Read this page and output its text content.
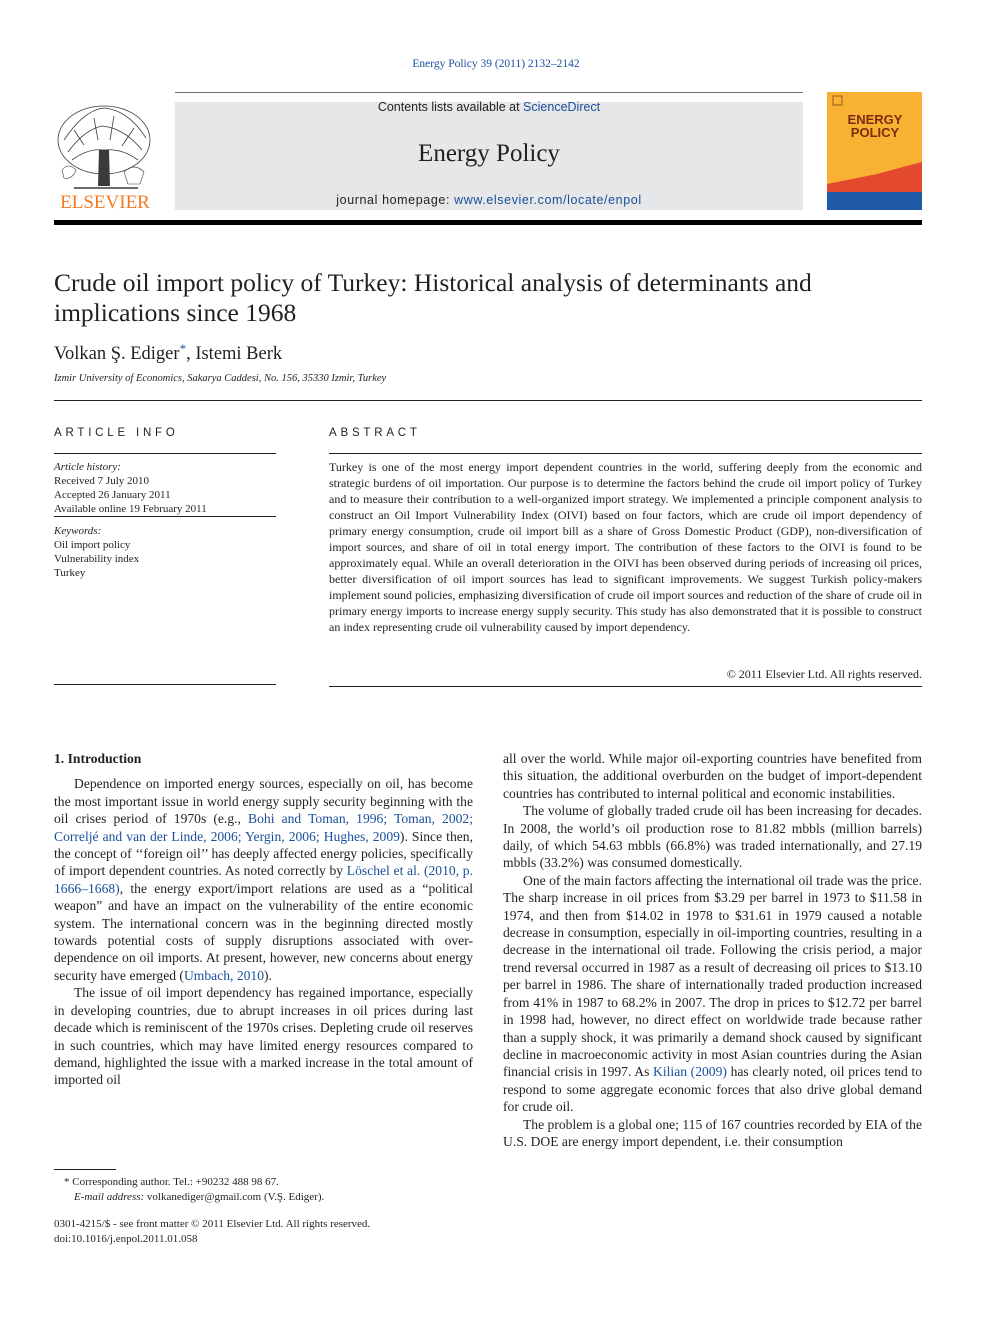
Energy Policy 39 (2011) 2132–2142
ELSEVIER
Contents lists available at ScienceDirect
Energy Policy
journal homepage: www.elsevier.com/locate/enpol
ENERGY
POLICY
Crude oil import policy of Turkey: Historical analysis of determinants and implications since 1968
Volkan Ş. Ediger*, Istemi Berk
Izmir University of Economics, Sakarya Caddesi, No. 156, 35330 Izmir, Turkey
ARTICLE INFO
Article history:
Received 7 July 2010
Accepted 26 January 2011
Available online 19 February 2011
Keywords:
Oil import policy
Vulnerability index
Turkey
ABSTRACT
Turkey is one of the most energy import dependent countries in the world, suffering deeply from the economic and strategic burdens of oil importation. Our purpose is to determine the factors behind the crude oil import policy of Turkey and to measure their contribution to a well-organized import strategy. We implemented a principle component analysis to construct an Oil Import Vulnerability Index (OIVI) based on four factors, which are crude oil import dependency of primary energy consumption, crude oil import bill as a share of Gross Domestic Product (GDP), non-diversification of import sources, and share of oil in total energy import. The contribution of these factors to the OIVI is found to be approximately equal. While an overall deterioration in the OIVI has been observed during periods of increasing oil prices, better diversification of oil import sources has lead to significant improvements. We suggest Turkish policy-makers implement sound policies, emphasizing diversification of crude oil import sources and reduction of the share of crude oil in primary energy imports to increase energy supply security. This study has also demonstrated that it is possible to construct an index representing crude oil vulnerability caused by import dependency.
© 2011 Elsevier Ltd. All rights reserved.
1. Introduction

Dependence on imported energy sources, especially on oil, has become the most important issue in world energy supply security beginning with the oil crises period of 1970s (e.g., Bohi and Toman, 1996; Toman, 2002; Correljé and van der Linde, 2006; Yergin, 2006; Hughes, 2009). Since then, the concept of ‘‘foreign oil’’ has deeply affected energy policies, specifically of import dependent countries. As noted correctly by Löschel et al. (2010, p. 1666–1668), the energy export/import relations are used as a “political weapon” and have an impact on the vulnerability of the entire economic system. The international concern was in the beginning directed mostly towards potential costs of supply disruptions associated with over-dependence on oil imports. At present, however, new concerns about energy security have emerged (Umbach, 2010).

The issue of oil import dependency has regained importance, especially in developing countries, due to abrupt increases in oil prices during last decade which is reminiscent of the 1970s crises. Depleting crude oil reserves in such countries, which may have limited energy resources compared to demand, highlighted the issue with a marked increase in the total amount of imported oil

all over the world. While major oil-exporting countries have benefited from this situation, the additional overburden on the budget of import-dependent countries has contributed to internal political and economic instabilities.

The volume of globally traded crude oil has been increasing for decades. In 2008, the world’s oil production rose to 81.82 mbbls (million barrels) daily, of which 54.63 mbbls (66.8%) was traded internationally, and 27.19 mbbls (33.2%) was consumed domestically.

One of the main factors affecting the international oil trade was the price. The sharp increase in oil prices from $3.29 per barrel in 1973 to $11.58 in 1974, and then from $14.02 in 1978 to $31.61 in 1979 caused a notable decrease in consumption, especially in oil-importing countries, resulting in a decrease in the international oil trade. Following the crisis period, a major trend reversal occurred in 1987 as a result of decreasing oil prices to $13.10 per barrel in 1986. The share of internationally traded production increased from 41% in 1987 to 68.2% in 2007. The drop in prices to $12.72 per barrel in 1998 had, however, no direct effect on worldwide trade because rather than a supply shock, it was primarily a demand shock caused by significant decline in macroeconomic activity in most Asian countries during the Asian financial crisis in 1997. As Kilian (2009) has clearly noted, oil prices tend to respond to some aggregate economic forces that also drive global demand for crude oil.

The problem is a global one; 115 of 167 countries recorded by EIA of the U.S. DOE are energy import dependent, i.e. their consumption

* Corresponding author. Tel.: +90232 488 98 67.
E-mail address: volkanediger@gmail.com (V.Ş. Ediger).
0301-4215/$ - see front matter © 2011 Elsevier Ltd. All rights reserved.
doi:10.1016/j.enpol.2011.01.058
